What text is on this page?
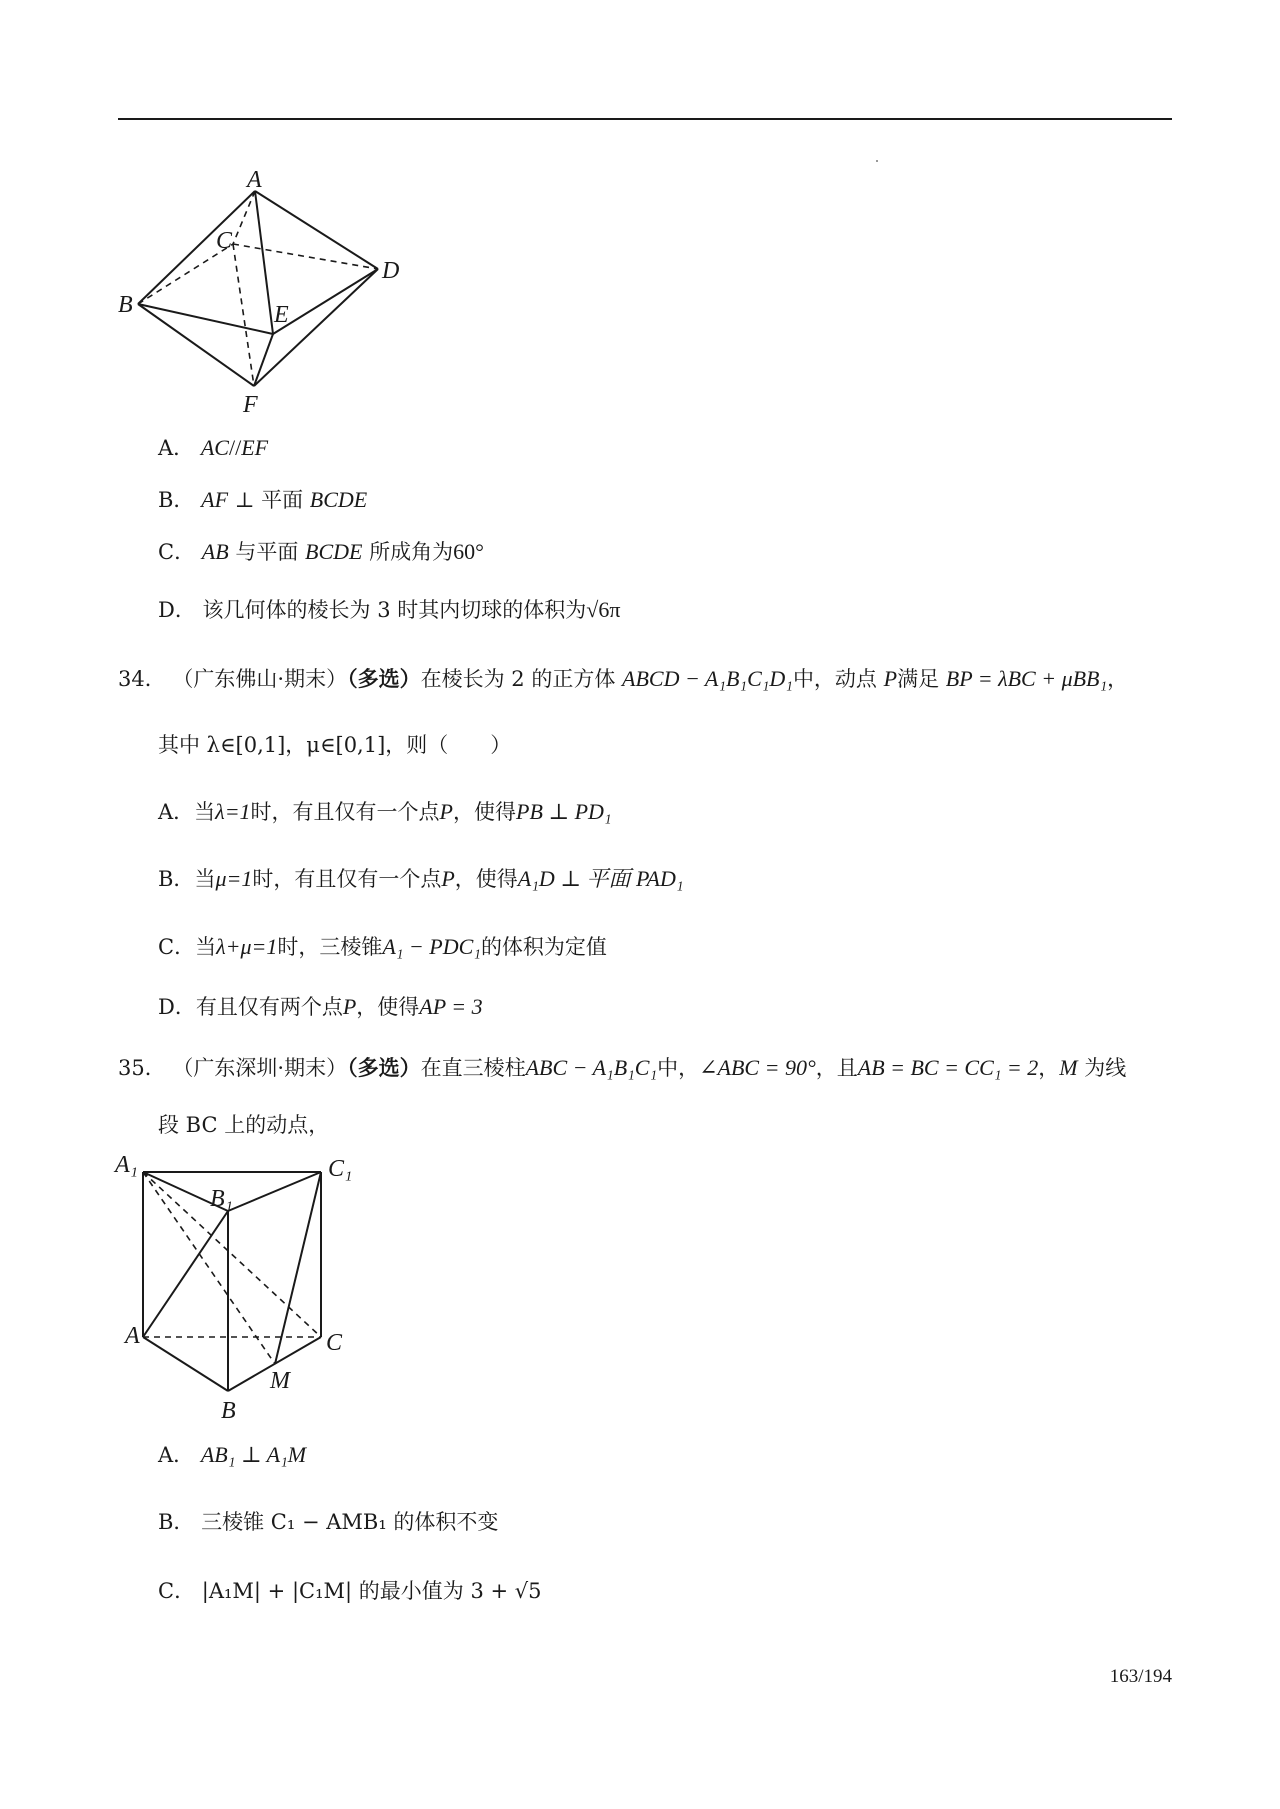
A
C
D
B	E
F
A． AC//EF
B． AF ⊥ 平面 BCDE
C． AB 与平面 BCDE 所成角为60°
D． 该几何体的棱长为 3 时其内切球的体积为√6π
34． （广东佛山·期末）（多选）在棱长为 2 的正方体 ABCD − A₁B₁C₁D₁中，动点 P满足 BP = λBC + μBB₁，
其中 λ∈[0,1]，μ∈[0,1]，则（　　）
A．当λ=1时，有且仅有一个点P，使得PB ⊥ PD₁
B．当μ=1时，有且仅有一个点P，使得A₁D ⊥ 平面 PAD₁
C．当λ+μ=1时，三棱锥A₁ − PDC₁的体积为定值
D．有且仅有两个点P，使得AP = 3
35． （广东深圳·期末）（多选）在直三棱柱ABC − A₁B₁C₁中，∠ABC = 90°，且AB = BC = CC₁ = 2，M 为线
段 BC 上的动点，
A₁	C₁
B₁
A	C
M
B
A． AB₁ ⊥ A₁M
B． 三棱锥 C₁ − AMB₁ 的体积不变
C． |A₁M| + |C₁M| 的最小值为 3 + √5
163/194
